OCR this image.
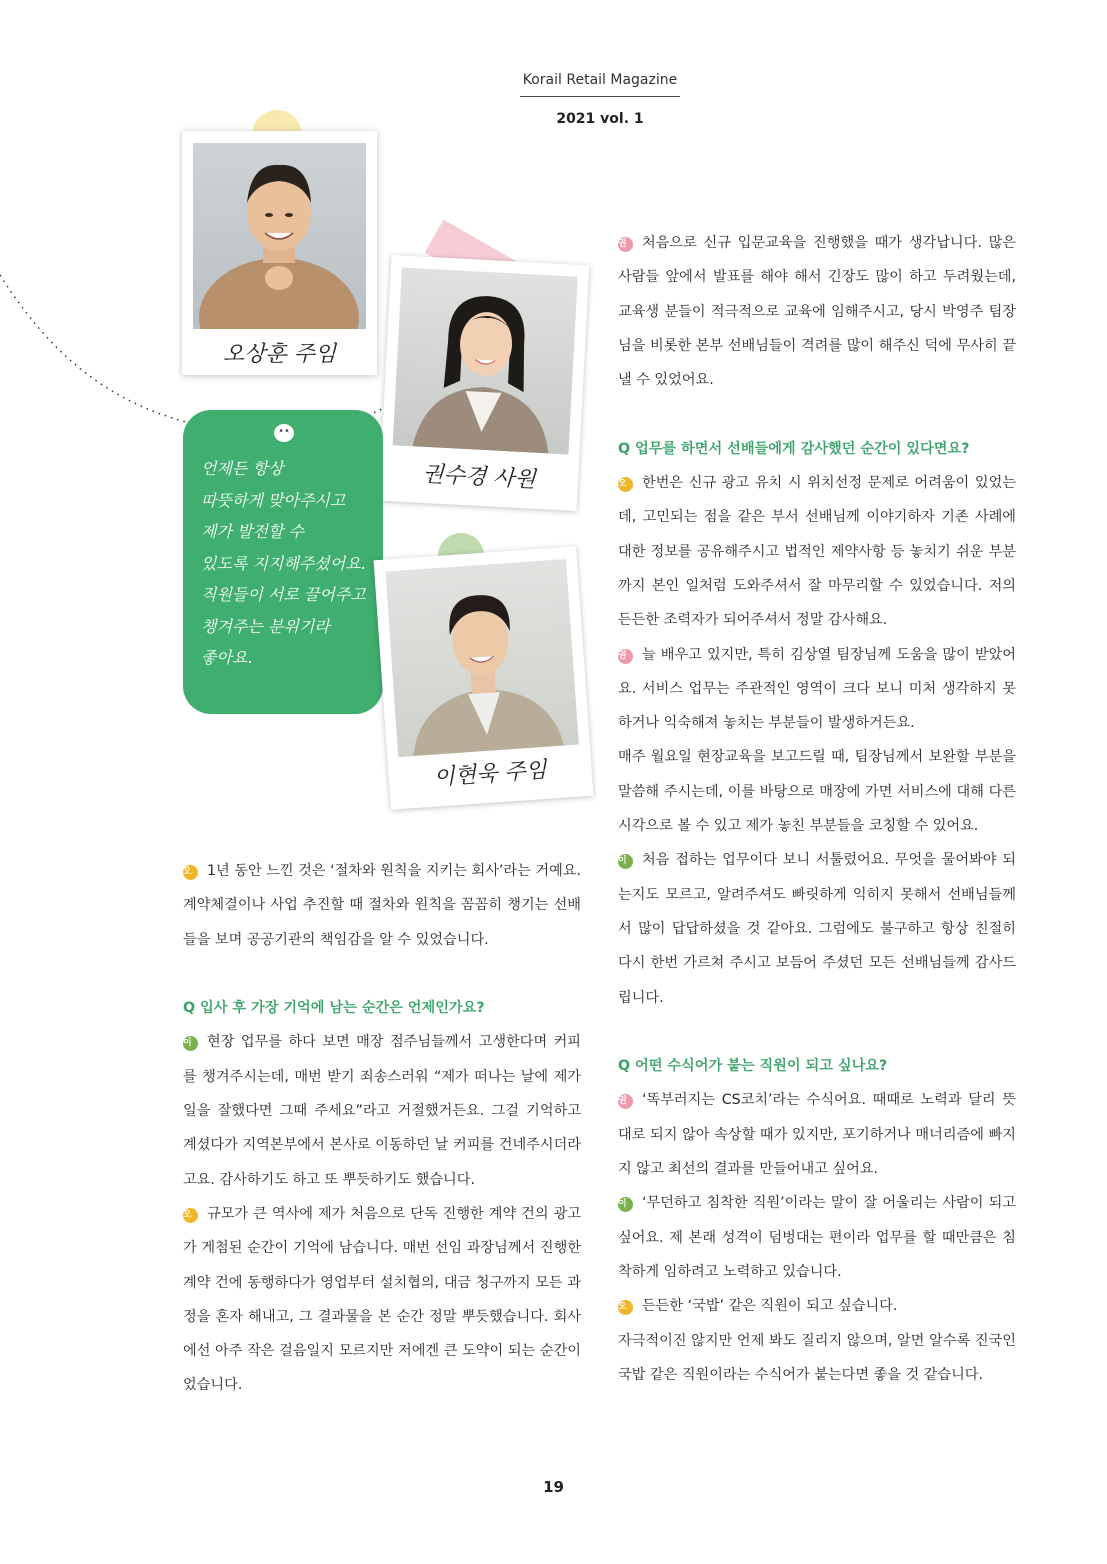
Korail Retail Magazine
2021 vol. 1
오상훈 주임
권수경 사원
••
언제든 항상
따뜻하게 맞아주시고
제가 발전할 수
있도록 지지해주셨어요.
직원들이 서로 끌어주고
챙겨주는 분위기라
좋아요.
이현욱 주임

권 처음으로 신규 입문교육을 진행했을 때가 생각납니다. 많은 사람들 앞에서 발표를 해야 해서 긴장도 많이 하고 두려웠는데, 교육생 분들이 적극적으로 교육에 임해주시고, 당시 박영주 팀장님을 비롯한 본부 선배님들이 격려를 많이 해주신 덕에 무사히 끝낼 수 있었어요.

Q 업무를 하면서 선배들에게 감사했던 순간이 있다면요?

오 한번은 신규 광고 유치 시 위치선정 문제로 어려움이 있었는데, 고민되는 점을 같은 부서 선배님께 이야기하자 기존 사례에 대한 정보를 공유해주시고 법적인 제약사항 등 놓치기 쉬운 부분까지 본인 일처럼 도와주셔서 잘 마무리할 수 있었습니다. 저의 든든한 조력자가 되어주셔서 정말 감사해요.

권 늘 배우고 있지만, 특히 김상열 팀장님께 도움을 많이 받았어요. 서비스 업무는 주관적인 영역이 크다 보니 미처 생각하지 못하거나 익숙해져 놓치는 부분들이 발생하거든요.

매주 월요일 현장교육을 보고드릴 때, 팀장님께서 보완할 부분을 말씀해 주시는데, 이를 바탕으로 매장에 가면 서비스에 대해 다른 시각으로 볼 수 있고 제가 놓친 부분들을 코칭할 수 있어요.

이 처음 접하는 업무이다 보니 서툴렀어요. 무엇을 물어봐야 되는지도 모르고, 알려주셔도 빠릿하게 익히지 못해서 선배님들께서 많이 답답하셨을 것 같아요. 그럼에도 불구하고 항상 친절히 다시 한번 가르쳐 주시고 보듬어 주셨던 모든 선배님들께 감사드립니다.

Q 어떤 수식어가 붙는 직원이 되고 싶나요?

권 ‘똑부러지는 CS코치’라는 수식어요. 때때로 노력과 달리 뜻대로 되지 않아 속상할 때가 있지만, 포기하거나 매너리즘에 빠지지 않고 최선의 결과를 만들어내고 싶어요.

이 ‘무던하고 침착한 직원’이라는 말이 잘 어울리는 사람이 되고 싶어요. 제 본래 성격이 덤벙대는 편이라 업무를 할 때만큼은 침착하게 임하려고 노력하고 있습니다.

오 든든한 ‘국밥’ 같은 직원이 되고 싶습니다.

자극적이진 않지만 언제 봐도 질리지 않으며, 알면 알수록 진국인 국밥 같은 직원이라는 수식어가 붙는다면 좋을 것 같습니다.

오 1년 동안 느낀 것은 ‘절차와 원칙을 지키는 회사’라는 거예요. 계약체결이나 사업 추진할 때 절차와 원칙을 꼼꼼히 챙기는 선배들을 보며 공공기관의 책임감을 알 수 있었습니다.

Q 입사 후 가장 기억에 남는 순간은 언제인가요?

이 현장 업무를 하다 보면 매장 점주님들께서 고생한다며 커피를 챙겨주시는데, 매번 받기 죄송스러워 “제가 떠나는 날에 제가 일을 잘했다면 그때 주세요”라고 거절했거든요. 그걸 기억하고 계셨다가 지역본부에서 본사로 이동하던 날 커피를 건네주시더라고요. 감사하기도 하고 또 뿌듯하기도 했습니다.

오 규모가 큰 역사에 제가 처음으로 단독 진행한 계약 건의 광고가 게첨된 순간이 기억에 남습니다. 매번 선임 과장님께서 진행한 계약 건에 동행하다가 영업부터 설치협의, 대금 청구까지 모든 과정을 혼자 해내고, 그 결과물을 본 순간 정말 뿌듯했습니다. 회사에선 아주 작은 걸음일지 모르지만 저에겐 큰 도약이 되는 순간이었습니다.

19
